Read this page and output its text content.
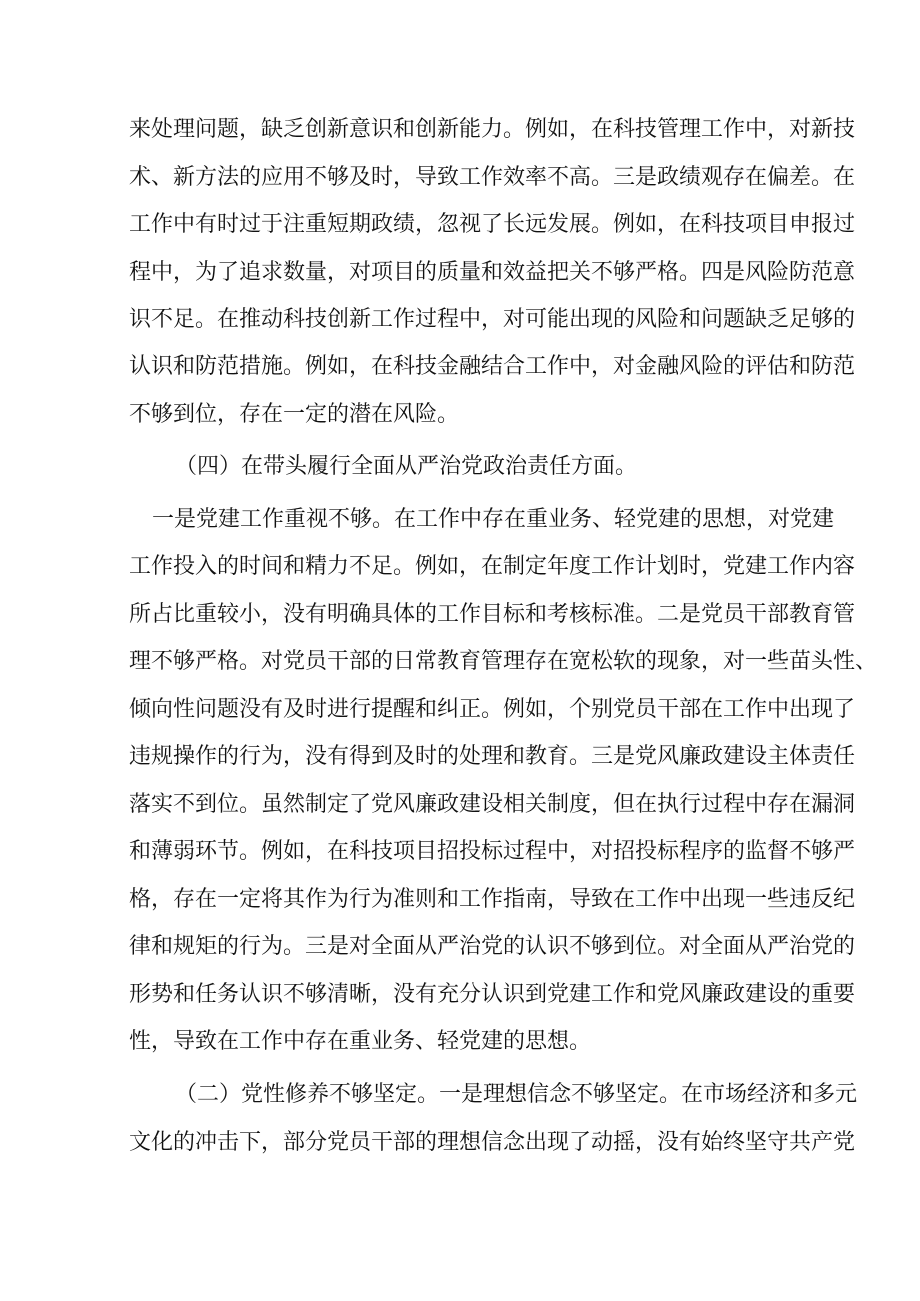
来处理问题，缺乏创新意识和创新能力。例如，在科技管理工作中，对新技
术、新方法的应用不够及时，导致工作效率不高。三是政绩观存在偏差。在
工作中有时过于注重短期政绩，忽视了长远发展。例如，在科技项目申报过
程中，为了追求数量，对项目的质量和效益把关不够严格。四是风险防范意
识不足。在推动科技创新工作过程中，对可能出现的风险和问题缺乏足够的
认识和防范措施。例如，在科技金融结合工作中，对金融风险的评估和防范
不够到位，存在一定的潜在风险。
（四）在带头履行全面从严治党政治责任方面。
一是党建工作重视不够。在工作中存在重业务、轻党建的思想，对党建
工作投入的时间和精力不足。例如，在制定年度工作计划时，党建工作内容
所占比重较小，没有明确具体的工作目标和考核标准。二是党员干部教育管
理不够严格。对党员干部的日常教育管理存在宽松软的现象，对一些苗头性、
倾向性问题没有及时进行提醒和纠正。例如，个别党员干部在工作中出现了
违规操作的行为，没有得到及时的处理和教育。三是党风廉政建设主体责任
落实不到位。虽然制定了党风廉政建设相关制度，但在执行过程中存在漏洞
和薄弱环节。例如，在科技项目招投标过程中，对招投标程序的监督不够严
格，存在一定将其作为行为准则和工作指南，导致在工作中出现一些违反纪
律和规矩的行为。三是对全面从严治党的认识不够到位。对全面从严治党的
形势和任务认识不够清晰，没有充分认识到党建工作和党风廉政建设的重要
性，导致在工作中存在重业务、轻党建的思想。
（二）党性修养不够坚定。一是理想信念不够坚定。在市场经济和多元
文化的冲击下，部分党员干部的理想信念出现了动摇，没有始终坚守共产党
